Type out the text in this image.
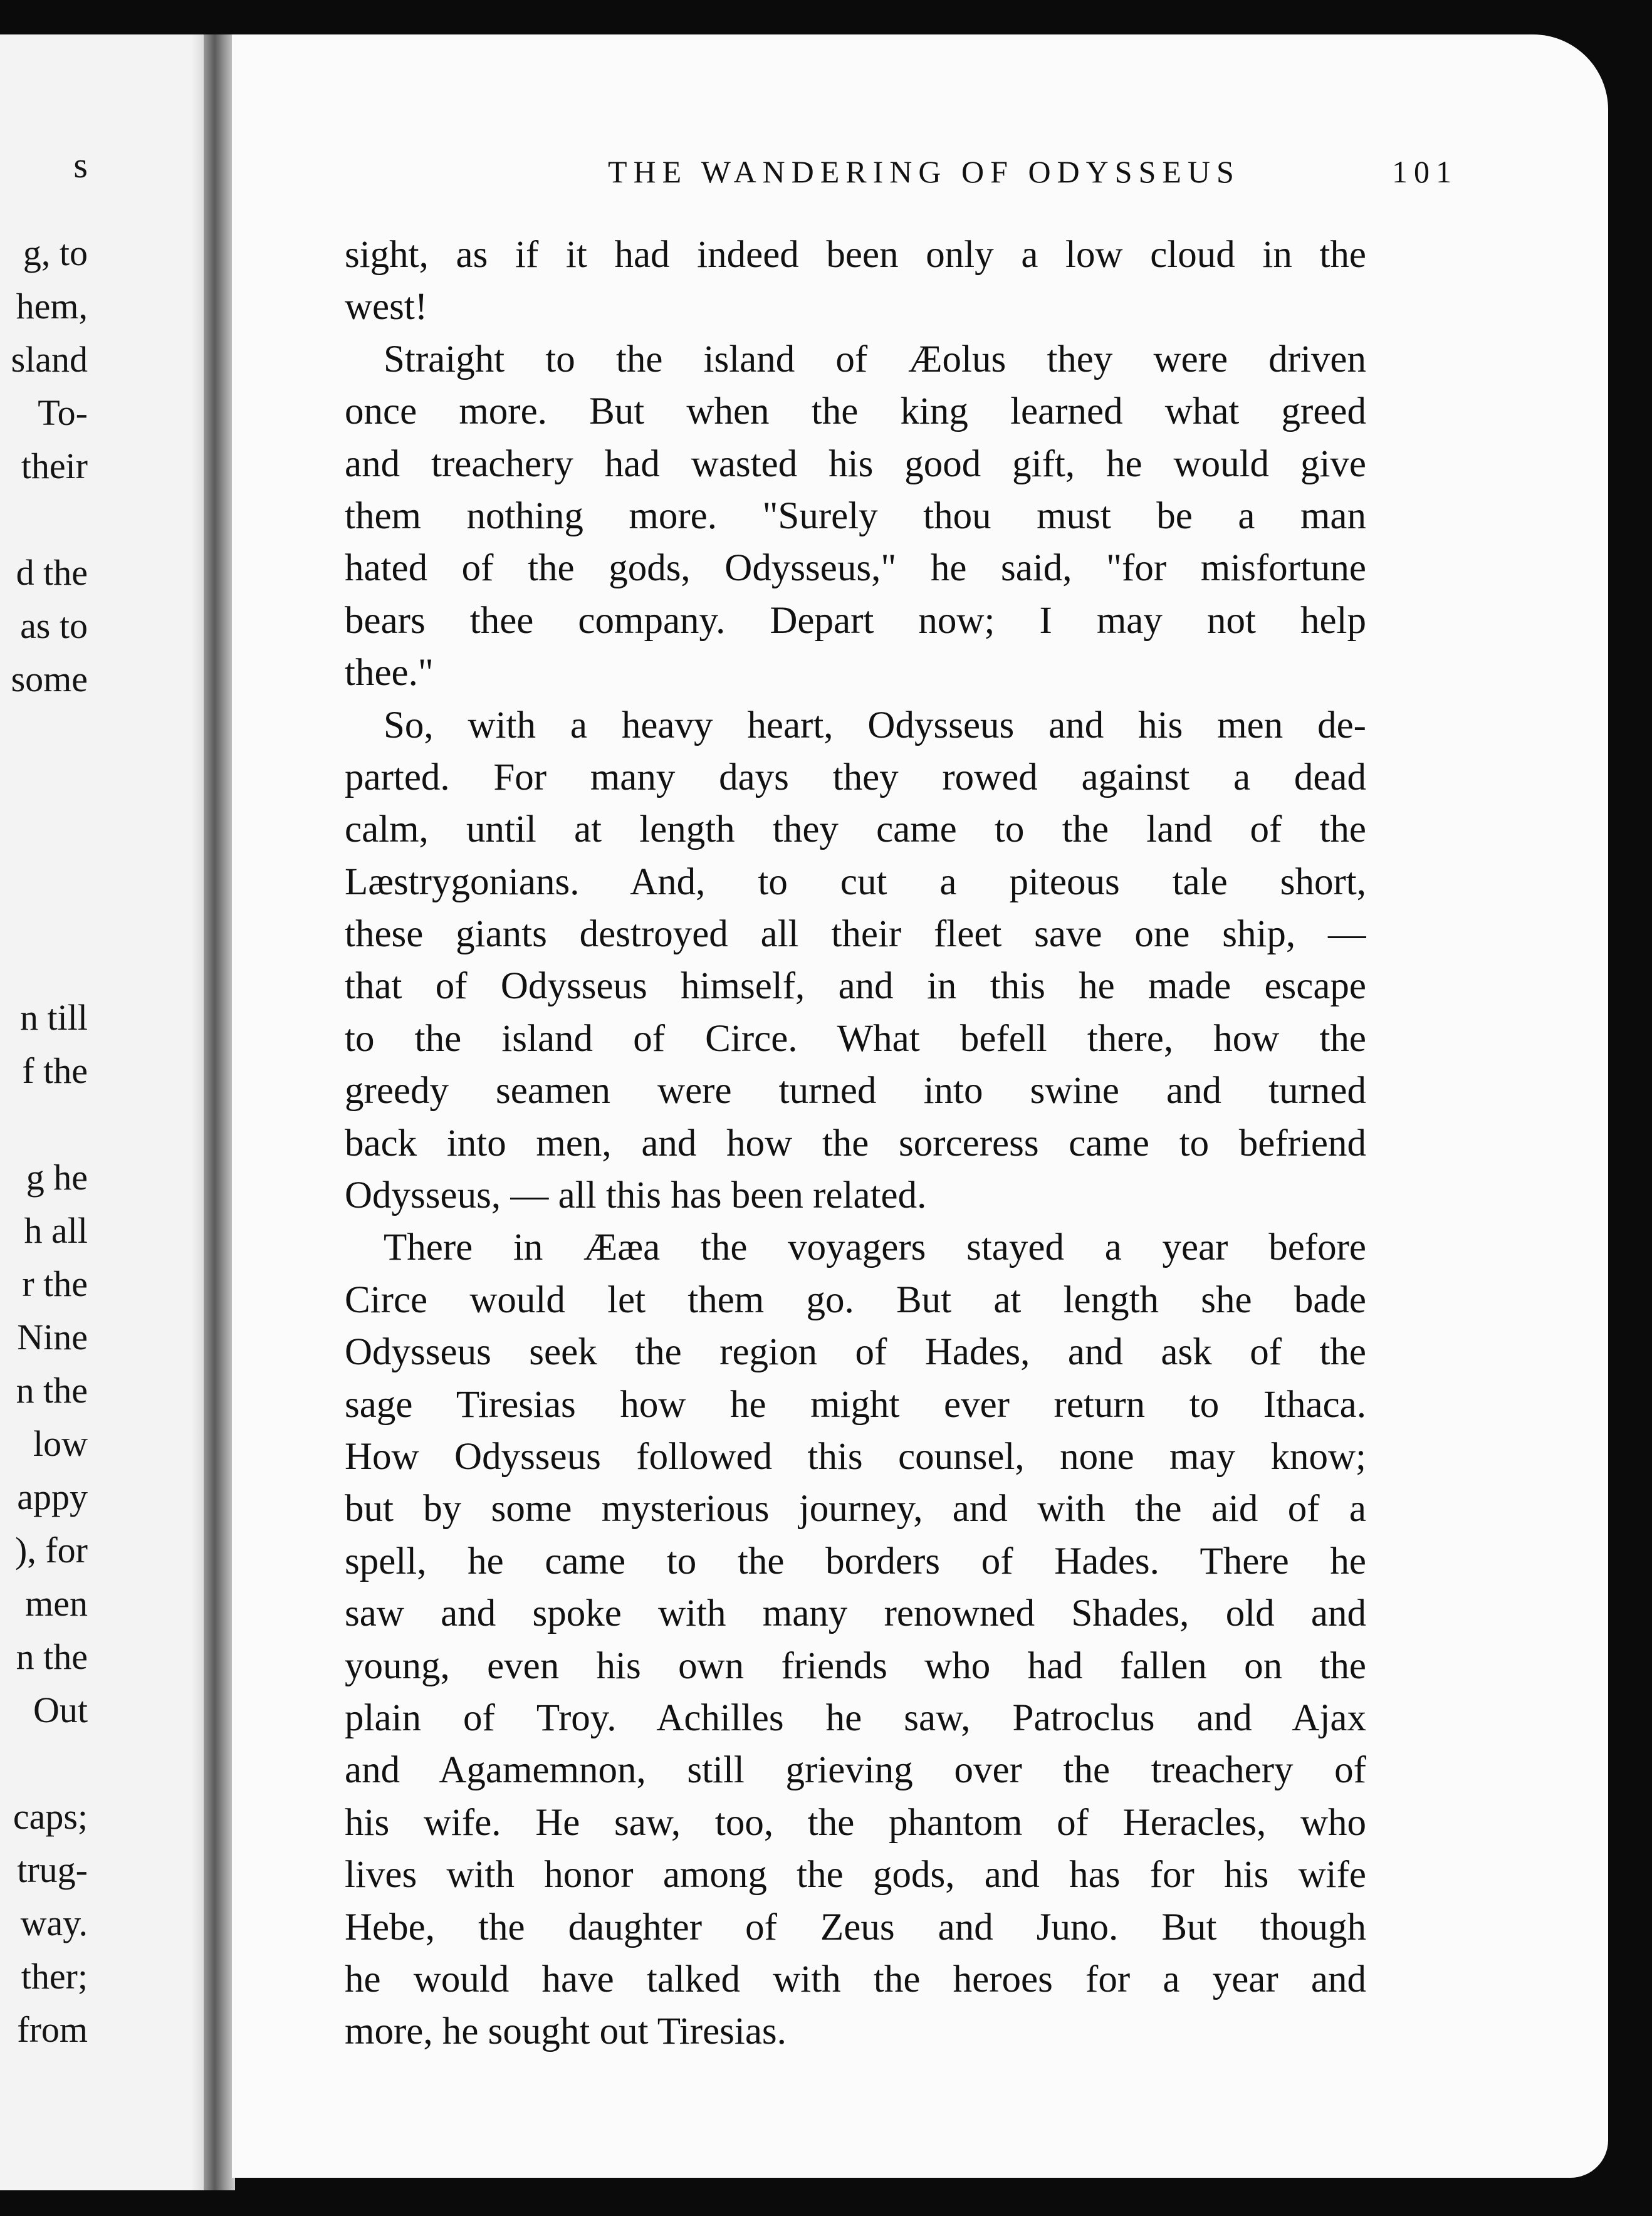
s
g, to
hem,
sland
To-
their
d the
as to
some
n till
f the
g he
h all
r the
Nine
n the
low
appy
), for
men
n the
Out
caps;
trug-
way.
ther;
from
THE WANDERING OF ODYSSEUS	101
sight, as if it had indeed been only a low cloud in the
west!
Straight to the island of Æolus they were driven
once more. But when the king learned what greed
and treachery had wasted his good gift, he would give
them nothing more. "Surely thou must be a man
hated of the gods, Odysseus," he said, "for misfortune
bears thee company. Depart now; I may not help
thee."
So, with a heavy heart, Odysseus and his men de-
parted. For many days they rowed against a dead
calm, until at length they came to the land of the
Læstrygonians. And, to cut a piteous tale short,
these giants destroyed all their fleet save one ship, —
that of Odysseus himself, and in this he made escape
to the island of Circe. What befell there, how the
greedy seamen were turned into swine and turned
back into men, and how the sorceress came to befriend
Odysseus, — all this has been related.
There in Ææa the voyagers stayed a year before
Circe would let them go. But at length she bade
Odysseus seek the region of Hades, and ask of the
sage Tiresias how he might ever return to Ithaca.
How Odysseus followed this counsel, none may know;
but by some mysterious journey, and with the aid of a
spell, he came to the borders of Hades. There he
saw and spoke with many renowned Shades, old and
young, even his own friends who had fallen on the
plain of Troy. Achilles he saw, Patroclus and Ajax
and Agamemnon, still grieving over the treachery of
his wife. He saw, too, the phantom of Heracles, who
lives with honor among the gods, and has for his wife
Hebe, the daughter of Zeus and Juno. But though
he would have talked with the heroes for a year and
more, he sought out Tiresias.
